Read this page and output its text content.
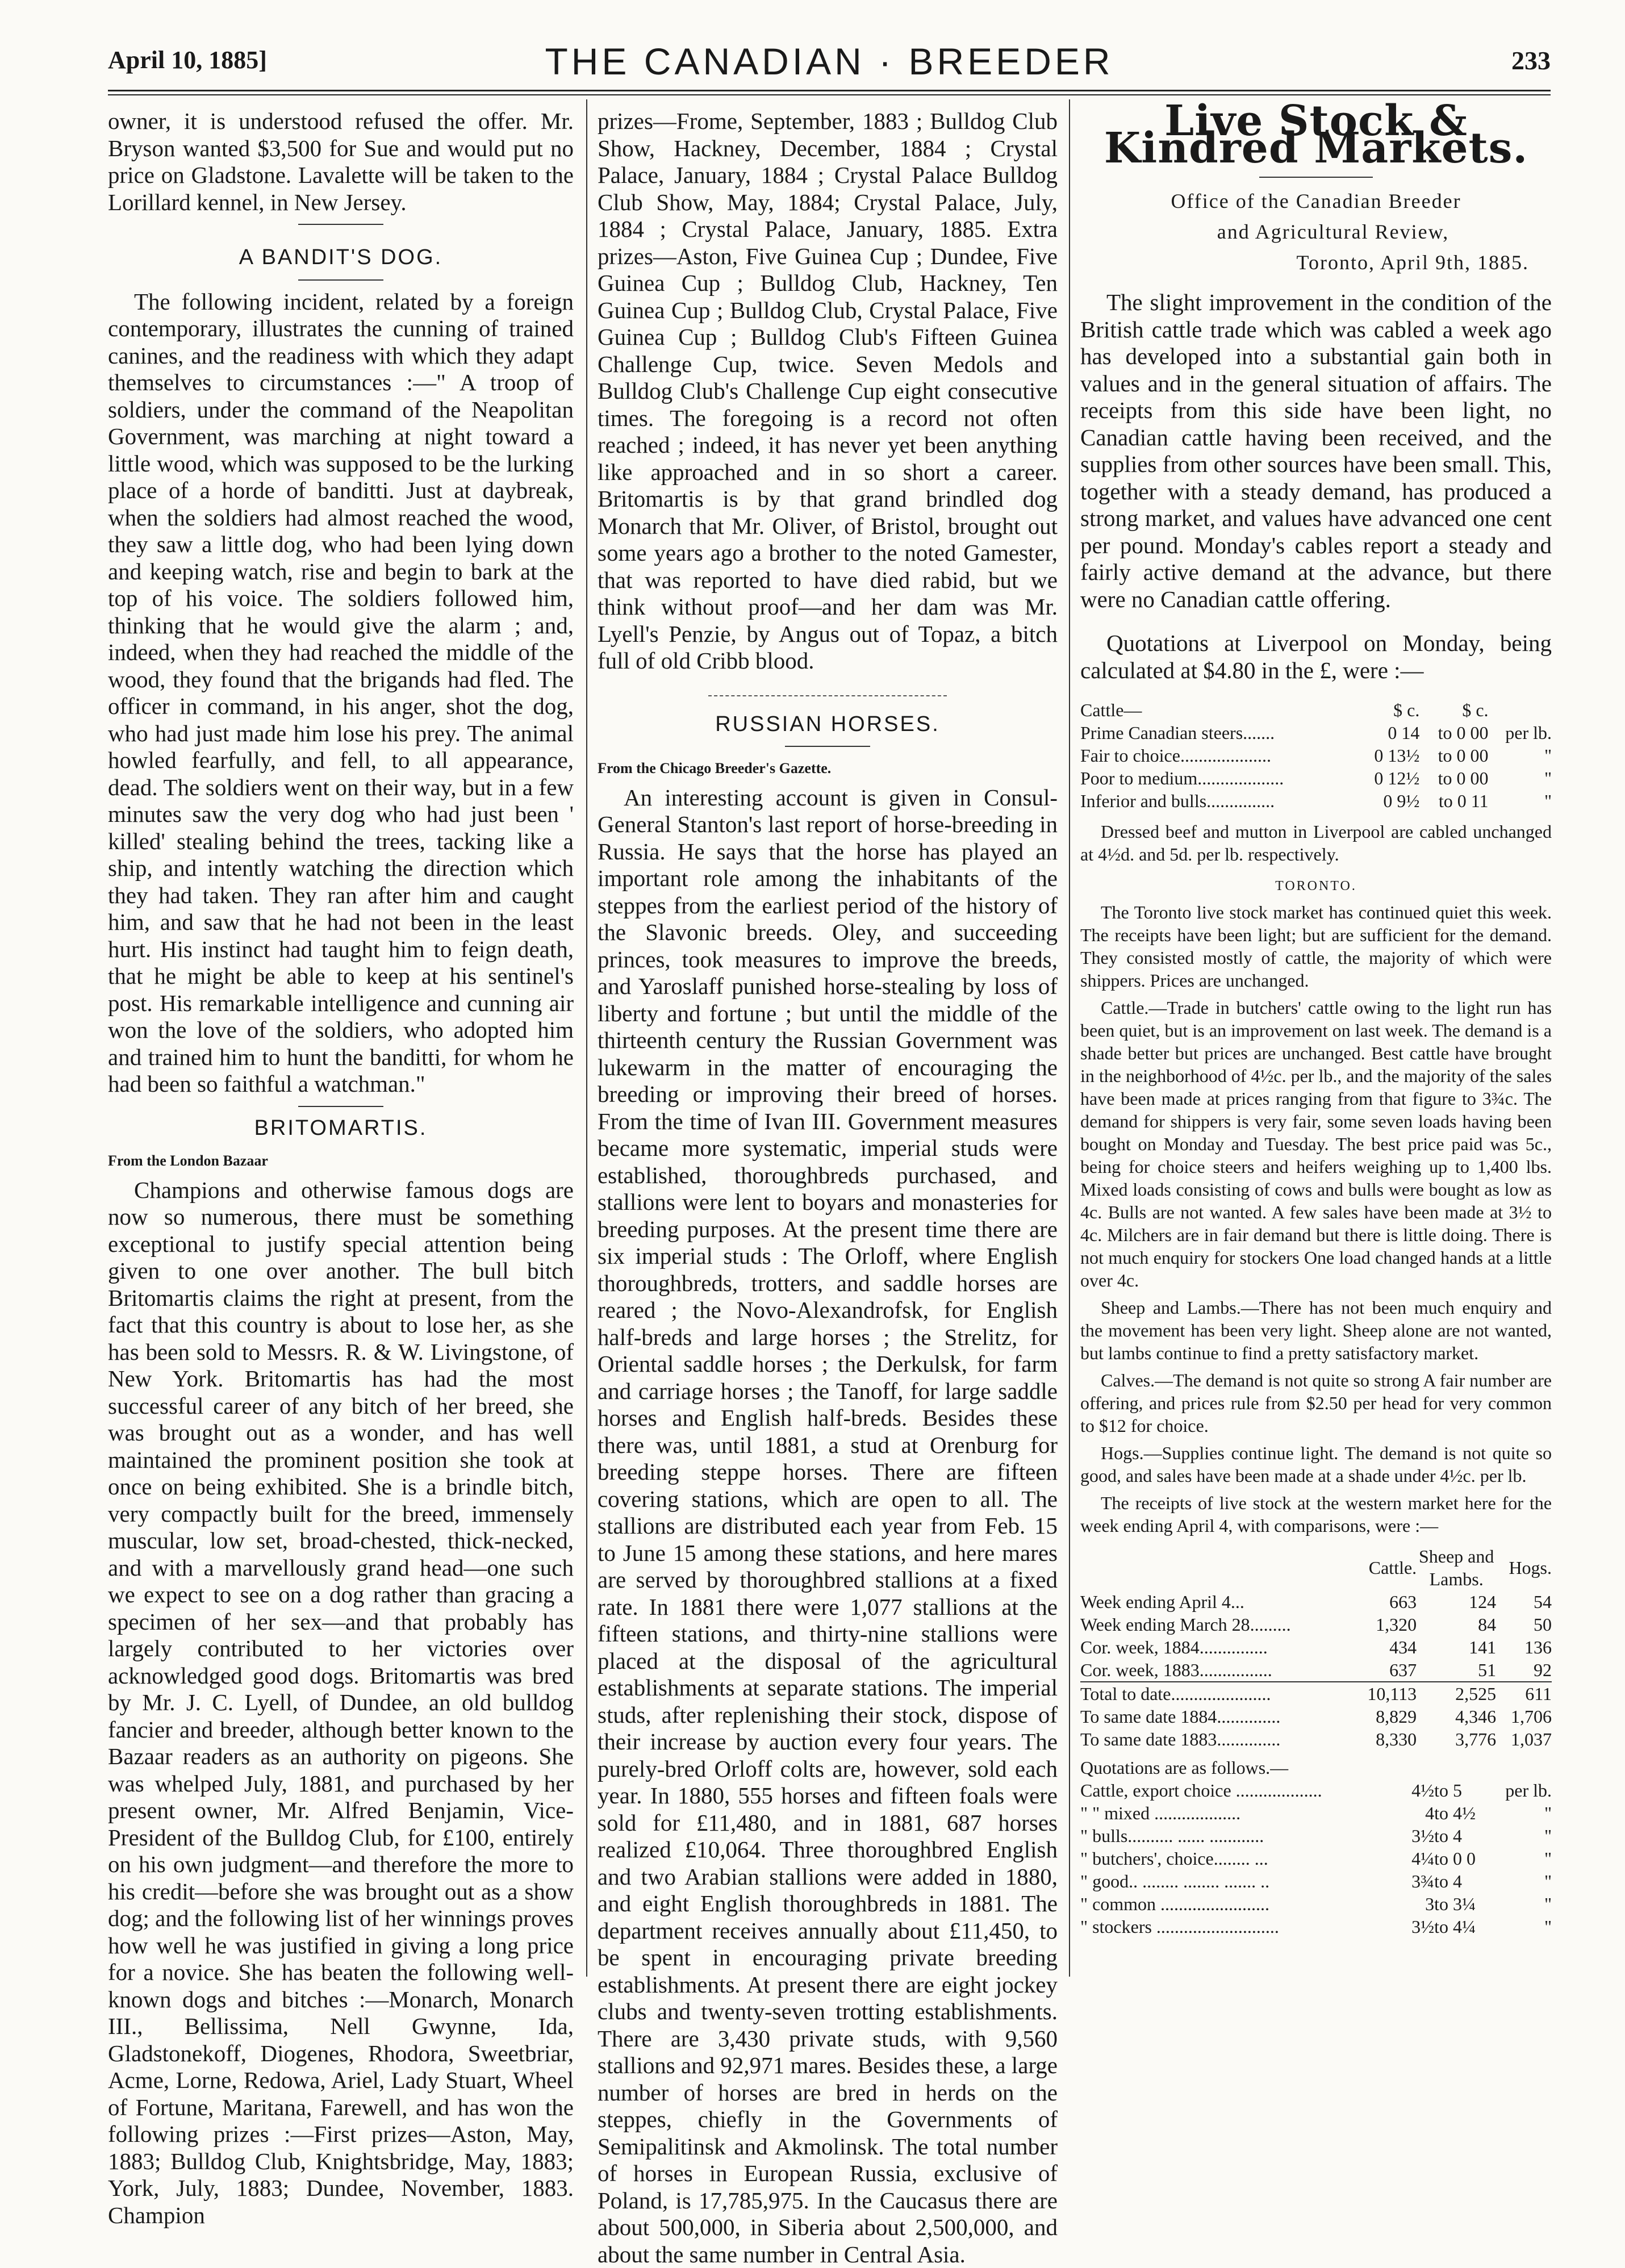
April 10, 1885]	THE CANADIAN · BREEDER	233

owner, it is understood refused the offer. Mr. Bryson wanted $3,500 for Sue and would put no price on Gladstone. Lavalette will be taken to the Lorillard kennel, in New Jersey.

A BANDIT'S DOG.

The following incident, related by a foreign contemporary, illustrates the cunning of trained canines, and the readiness with which they adapt themselves to circumstances :—" A troop of soldiers, under the command of the Neapolitan Government, was marching at night toward a little wood, which was supposed to be the lurking place of a horde of banditti. Just at daybreak, when the soldiers had almost reached the wood, they saw a little dog, who had been lying down and keeping watch, rise and begin to bark at the top of his voice. The soldiers followed him, thinking that he would give the alarm ; and, indeed, when they had reached the middle of the wood, they found that the brigands had fled. The officer in command, in his anger, shot the dog, who had just made him lose his prey. The animal howled fearfully, and fell, to all appearance, dead. The soldiers went on their way, but in a few minutes saw the very dog who had just been ' killed' stealing behind the trees, tacking like a ship, and intently watching the direction which they had taken. They ran after him and caught him, and saw that he had not been in the least hurt. His instinct had taught him to feign death, that he might be able to keep at his sentinel's post. His remarkable intelligence and cunning air won the love of the soldiers, who adopted him and trained him to hunt the banditti, for whom he had been so faithful a watchman."

BRITOMARTIS.
From the London Bazaar

Champions and otherwise famous dogs are now so numerous, there must be something exceptional to justify special attention being given to one over another. The bull bitch Britomartis claims the right at present, from the fact that this country is about to lose her, as she has been sold to Messrs. R. & W. Livingstone, of New York. Britomartis has had the most successful career of any bitch of her breed, she was brought out as a wonder, and has well maintained the prominent position she took at once on being exhibited. She is a brindle bitch, very compactly built for the breed, immensely muscular, low set, broad-chested, thick-necked, and with a marvellously grand head—one such we expect to see on a dog rather than gracing a specimen of her sex—and that probably has largely contributed to her victories over acknowledged good dogs. Britomartis was bred by Mr. J. C. Lyell, of Dundee, an old bulldog fancier and breeder, although better known to the Bazaar readers as an authority on pigeons. She was whelped July, 1881, and purchased by her present owner, Mr. Alfred Benjamin, Vice-President of the Bulldog Club, for £100, entirely on his own judgment—and therefore the more to his credit—before she was brought out as a show dog; and the following list of her winnings proves how well he was justified in giving a long price for a novice. She has beaten the following well-known dogs and bitches :—Monarch, Monarch III., Bellissima, Nell Gwynne, Ida, Gladstonekoff, Diogenes, Rhodora, Sweetbriar, Acme, Lorne, Redowa, Ariel, Lady Stuart, Wheel of Fortune, Maritana, Farewell, and has won the following prizes :—First prizes—Aston, May, 1883; Bulldog Club, Knightsbridge, May, 1883; York, July, 1883; Dundee, November, 1883. Champion

prizes—Frome, September, 1883 ; Bulldog Club Show, Hackney, December, 1884 ; Crystal Palace, January, 1884 ; Crystal Palace Bulldog Club Show, May, 1884; Crystal Palace, July, 1884 ; Crystal Palace, January, 1885. Extra prizes—Aston, Five Guinea Cup ; Dundee, Five Guinea Cup ; Bulldog Club, Hackney, Ten Guinea Cup ; Bulldog Club, Crystal Palace, Five Guinea Cup ; Bulldog Club's Fifteen Guinea Challenge Cup, twice. Seven Medols and Bulldog Club's Challenge Cup eight consecutive times. The foregoing is a record not often reached ; indeed, it has never yet been anything like approached and in so short a career. Britomartis is by that grand brindled dog Monarch that Mr. Oliver, of Bristol, brought out some years ago a brother to the noted Gamester, that was reported to have died rabid, but we think without proof—and her dam was Mr. Lyell's Penzie, by Angus out of Topaz, a bitch full of old Cribb blood.

RUSSIAN HORSES.
From the Chicago Breeder's Gazette.

An interesting account is given in Consul-General Stanton's last report of horse-breeding in Russia. He says that the horse has played an important role among the inhabitants of the steppes from the earliest period of the history of the Slavonic breeds. Oley, and succeeding princes, took measures to improve the breeds, and Yaroslaff punished horse-stealing by loss of liberty and fortune ; but until the middle of the thirteenth century the Russian Government was lukewarm in the matter of encouraging the breeding or improving their breed of horses. From the time of Ivan III. Government measures became more systematic, imperial studs were established, thoroughbreds purchased, and stallions were lent to boyars and monasteries for breeding purposes. At the present time there are six imperial studs : The Orloff, where English thoroughbreds, trotters, and saddle horses are reared ; the Novo-Alexandrofsk, for English half-breds and large horses ; the Strelitz, for Oriental saddle horses ; the Derkulsk, for farm and carriage horses ; the Tanoff, for large saddle horses and English half-breds. Besides these there was, until 1881, a stud at Orenburg for breeding steppe horses. There are fifteen covering stations, which are open to all. The stallions are distributed each year from Feb. 15 to June 15 among these stations, and here mares are served by thoroughbred stallions at a fixed rate. In 1881 there were 1,077 stallions at the fifteen stations, and thirty-nine stallions were placed at the disposal of the agricultural establishments at separate stations. The imperial studs, after replenishing their stock, dispose of their increase by auction every four years. The purely-bred Orloff colts are, however, sold each year. In 1880, 555 horses and fifteen foals were sold for £11,480, and in 1881, 687 horses realized £10,064. Three thoroughbred English and two Arabian stallions were added in 1880, and eight English thoroughbreds in 1881. The department receives annually about £11,450, to be spent in encouraging private breeding establishments. At present there are eight jockey clubs and twenty-seven trotting establishments. There are 3,430 private studs, with 9,560 stallions and 92,971 mares. Besides these, a large number of horses are bred in herds on the steppes, chiefly in the Governments of Semipalitinsk and Akmolinsk. The total number of horses in European Russia, exclusive of Poland, is 17,785,975. In the Caucasus there are about 500,000, in Siberia about 2,500,000, and about the same number in Central Asia.

Live Stock & Kindred Markets.
Office of the Canadian Breeder
and Agricultural Review,
Toronto, April 9th, 1885.

The slight improvement in the condition of the British cattle trade which was cabled a week ago has developed into a substantial gain both in values and in the general situation of affairs. The receipts from this side have been light, no Canadian cattle having been received, and the supplies from other sources have been small. This, together with a steady demand, has produced a strong market, and values have advanced one cent per pound. Monday's cables report a steady and fairly active demand at the advance, but there were no Canadian cattle offering.

Quotations at Liverpool on Monday, being calculated at $4.80 in the £, were :—

Cattle—	$ c.	$ c.	
Prime Canadian steers.......	0 14	to 0 00	per lb.
Fair to choice....................	0 13½	to 0 00	"
Poor to medium...................	0 12½	to 0 00	"
Inferior and bulls...............	0 9½	to 0 11	"

Dressed beef and mutton in Liverpool are cabled unchanged at 4½d. and 5d. per lb. respectively.

TORONTO.

The Toronto live stock market has continued quiet this week. The receipts have been light; but are sufficient for the demand. They consisted mostly of cattle, the majority of which were shippers. Prices are unchanged.

Cattle.—Trade in butchers' cattle owing to the light run has been quiet, but is an improvement on last week. The demand is a shade better but prices are unchanged. Best cattle have brought in the neighborhood of 4½c. per lb., and the majority of the sales have been made at prices ranging from that figure to 3¾c. The demand for shippers is very fair, some seven loads having been bought on Monday and Tuesday. The best price paid was 5c., being for choice steers and heifers weighing up to 1,400 lbs. Mixed loads consisting of cows and bulls were bought as low as 4c. Bulls are not wanted. A few sales have been made at 3½ to 4c. Milchers are in fair demand but there is little doing. There is not much enquiry for stockers One load changed hands at a little over 4c.

Sheep and Lambs.—There has not been much enquiry and the movement has been very light. Sheep alone are not wanted, but lambs continue to find a pretty satisfactory market.

Calves.—The demand is not quite so strong A fair number are offering, and prices rule from $2.50 per head for very common to $12 for choice.

Hogs.—Supplies continue light. The demand is not quite so good, and sales have been made at a shade under 4½c. per lb.

The receipts of live stock at the western market here for the week ending April 4, with comparisons, were :—

	Cattle.	Sheep and Lambs.	Hogs.
Week ending April 4...	663	124	54
Week ending March 28.........	1,320	84	50
Cor. week, 1884...............	434	141	136
Cor. week, 1883................	637	51	92
Total to date......................	10,113	2,525	611
To same date 1884..............	8,829	4,346	1,706
To same date 1883..............	8,330	3,776	1,037
Quotations are as follows.—
Cattle, export choice ...................	4½	to 5	per lb.
" " mixed ...................	4	to 4½	"
" bulls.......... ...... ............	3½	to 4	"
" butchers', choice........ ...	4¼	to 0 0	"
" good.. ........ ........ ....... ..	3¾	to 4	"
" common ........................	3	to 3¼	"
" stockers ...........................	3½	to 4¼	"
